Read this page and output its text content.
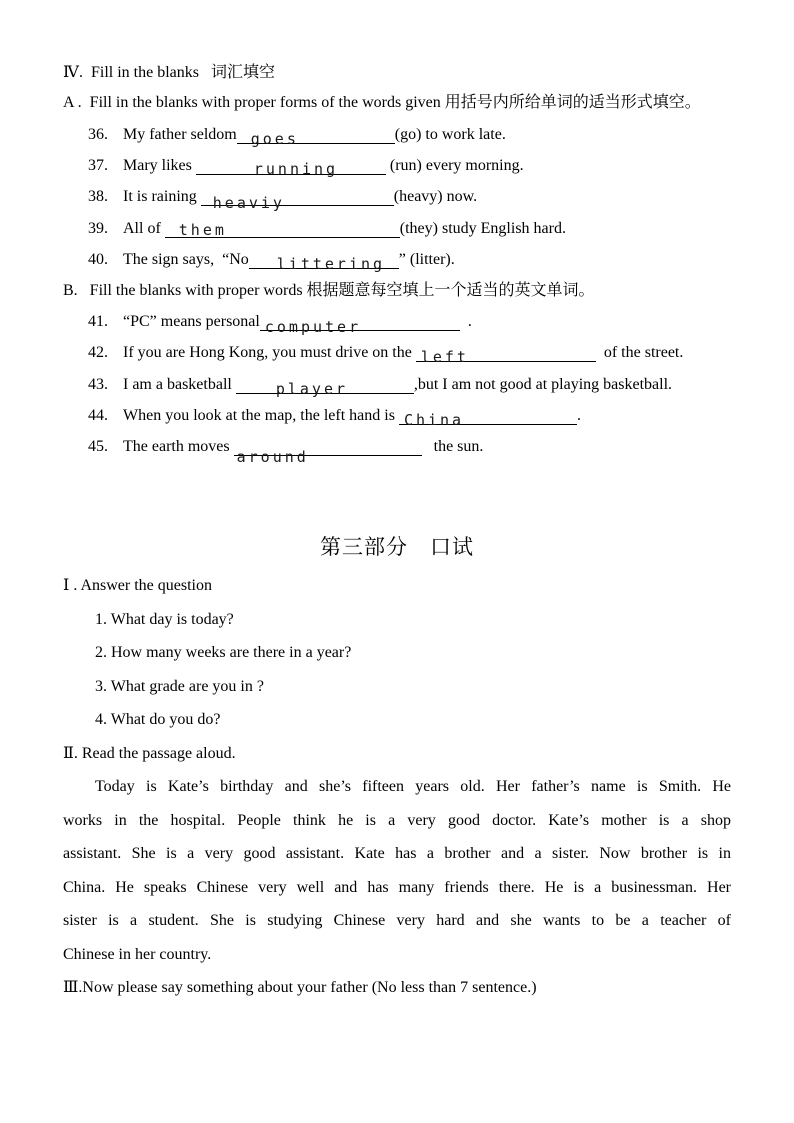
Ⅳ.  Fill in the blanks   词汇填空
A .  Fill in the blanks with proper forms of the words given 用括号内所给单词的适当形式填空。
36. My father seldom goes	(go) to work late.
37. Mary likes	running	(run) every morning.
38. It is raining heaviy	(heavy) now.
39. All of them	(they) study English hard.
40. The sign says,  “No littering ” (litter).
B.   Fill the blanks with proper words 根据题意每空填上一个适当的英文单词。
41. “PC” means personal computer	.
42. If you are Hong Kong, you must drive on the left	of the street.
43. I am a basketball	player	,but I am not good at playing basketball.
44. When you look at the map, the left hand is China	.
45. The earth moves
around
the sun.
第三部分　口试
Ⅰ . Answer the question
1. What day is today?
2. How many weeks are there in a year?
3. What grade are you in ?
4. What do you do?
Ⅱ. Read the passage aloud.
Today is Kate’s birthday and she’s fifteen years old. Her father’s name is Smith. He
works in the hospital. People think he is a very good doctor. Kate’s mother is a shop
assistant. She is a very good assistant. Kate has a brother and a sister. Now brother is in
China. He speaks Chinese very well and has many friends there. He is a businessman. Her
sister is a student. She is studying Chinese very hard and she wants to be a teacher of
Chinese in her country.
Ⅲ.Now please say something about your father (No less than 7 sentence.)
